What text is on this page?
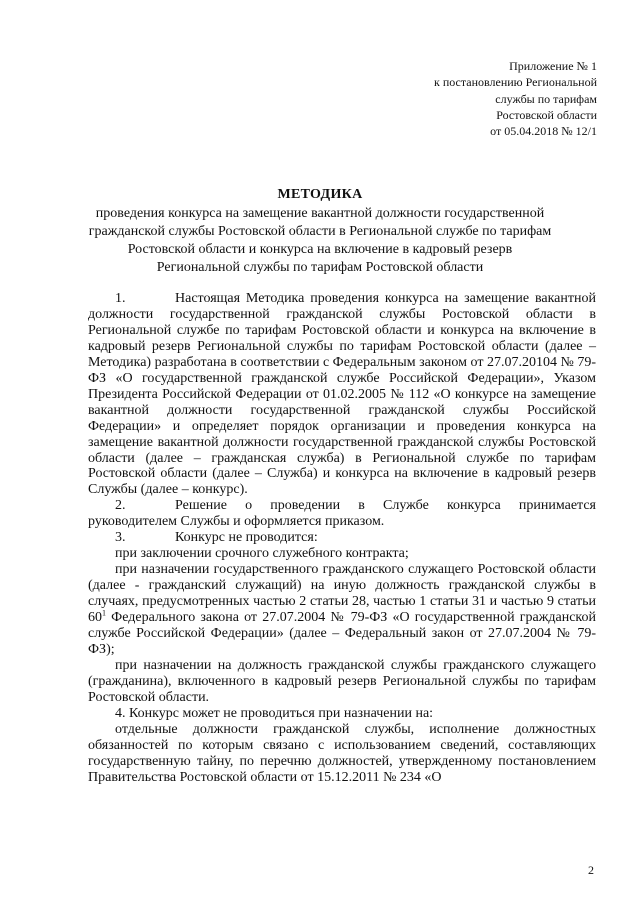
Приложение № 1
к постановлению Региональной
службы по тарифам
Ростовской области
от 05.04.2018 № 12/1
МЕТОДИКА
проведения конкурса на замещение вакантной должности государственной
гражданской службы Ростовской области в Региональной службе по тарифам
Ростовской области и конкурса на включение в кадровый резерв
Региональной службы по тарифам Ростовской области

1.	Настоящая Методика проведения конкурса на замещение вакантной должности государственной гражданской службы Ростовской области в Региональной службе по тарифам Ростовской области и конкурса на включение в кадровый резерв Региональной службы по тарифам Ростовской области (далее – Методика) разработана в соответствии с Федеральным законом от 27.07.20104 № 79-ФЗ «О государственной гражданской службе Российской Федерации», Указом Президента Российской Федерации от 01.02.2005 № 112 «О конкурсе на замещение вакантной должности государственной гражданской службы Российской Федерации» и определяет порядок организации и проведения конкурса на замещение вакантной должности государственной гражданской службы Ростовской области (далее – гражданская служба) в Региональной службе по тарифам Ростовской области (далее – Служба) и конкурса на включение в кадровый резерв Службы (далее – конкурс).

2.	Решение о проведении в Службе конкурса принимается руководителем Службы и оформляется приказом.

3.	Конкурс не проводится:

при заключении срочного служебного контракта;

при назначении государственного гражданского служащего Ростовской области (далее - гражданский служащий) на иную должность гражданской службы в случаях, предусмотренных частью 2 статьи 28, частью 1 статьи 31 и частью 9 статьи $60^1$ Федерального закона от 27.07.2004 № 79-ФЗ «О государственной гражданской службе Российской Федерации» (далее – Федеральный закон от 27.07.2004 № 79-ФЗ);

при назначении на должность гражданской службы гражданского служащего (гражданина), включенного в кадровый резерв Региональной службы по тарифам Ростовской области.

4. Конкурс может не проводиться при назначении на:

отдельные должности гражданской службы, исполнение должностных обязанностей по которым связано с использованием сведений, составляющих государственную тайну, по перечню должностей, утвержденному постановлением Правительства Ростовской области от 15.12.2011 № 234 «О

2
